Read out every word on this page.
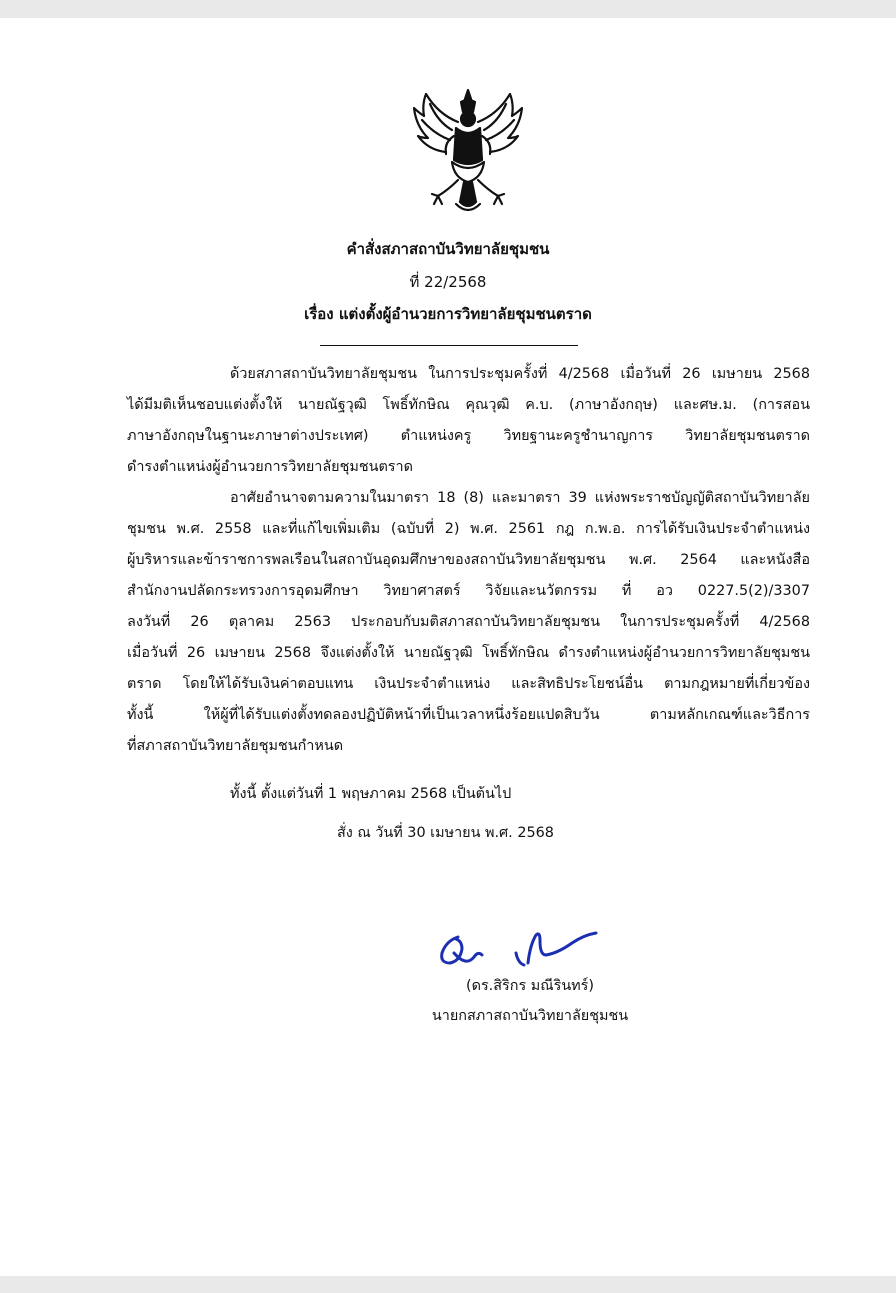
คำสั่งสภาสถาบันวิทยาลัยชุมชน
ที่ 22/2568
เรื่อง แต่งตั้งผู้อำนวยการวิทยาลัยชุมชนตราด
ด้วยสภาสถาบันวิทยาลัยชุมชน ในการประชุมครั้งที่ 4/2568 เมื่อวันที่ 26 เมษายน 2568
ได้มีมติเห็นชอบแต่งตั้งให้ นายณัฐวุฒิ โพธิ์ทักษิณ คุณวุฒิ ค.บ. (ภาษาอังกฤษ) และศษ.ม. (การสอน
ภาษาอังกฤษในฐานะภาษาต่างประเทศ) ตำแหน่งครู วิทยฐานะครูชำนาญการ วิทยาลัยชุมชนตราด
ดำรงตำแหน่งผู้อำนวยการวิทยาลัยชุมชนตราด
อาศัยอำนาจตามความในมาตรา 18 (8) และมาตรา 39 แห่งพระราชบัญญัติสถาบันวิทยาลัย
ชุมชน พ.ศ. 2558 และที่แก้ไขเพิ่มเติม (ฉบับที่ 2) พ.ศ. 2561 กฎ ก.พ.อ. การได้รับเงินประจำตำแหน่ง
ผู้บริหารและข้าราชการพลเรือนในสถาบันอุดมศึกษาของสถาบันวิทยาลัยชุมชน พ.ศ. 2564 และหนังสือ
สำนักงานปลัดกระทรวงการอุดมศึกษา วิทยาศาสตร์ วิจัยและนวัตกรรม ที่ อว 0227.5(2)/3307
ลงวันที่ 26 ตุลาคม 2563 ประกอบกับมติสภาสถาบันวิทยาลัยชุมชน ในการประชุมครั้งที่ 4/2568
เมื่อวันที่ 26 เมษายน 2568 จึงแต่งตั้งให้ นายณัฐวุฒิ โพธิ์ทักษิณ ดำรงตำแหน่งผู้อำนวยการวิทยาลัยชุมชน
ตราด โดยให้ได้รับเงินค่าตอบแทน เงินประจำตำแหน่ง และสิทธิประโยชน์อื่น ตามกฎหมายที่เกี่ยวข้อง
ทั้งนี้ ให้ผู้ที่ได้รับแต่งตั้งทดลองปฏิบัติหน้าที่เป็นเวลาหนึ่งร้อยแปดสิบวัน ตามหลักเกณฑ์และวิธีการ
ที่สภาสถาบันวิทยาลัยชุมชนกำหนด
ทั้งนี้ ตั้งแต่วันที่ 1 พฤษภาคม 2568 เป็นต้นไป
สั่ง ณ วันที่ 30 เมษายน พ.ศ. 2568
(ดร.สิริกร มณีรินทร์)
นายกสภาสถาบันวิทยาลัยชุมชน
